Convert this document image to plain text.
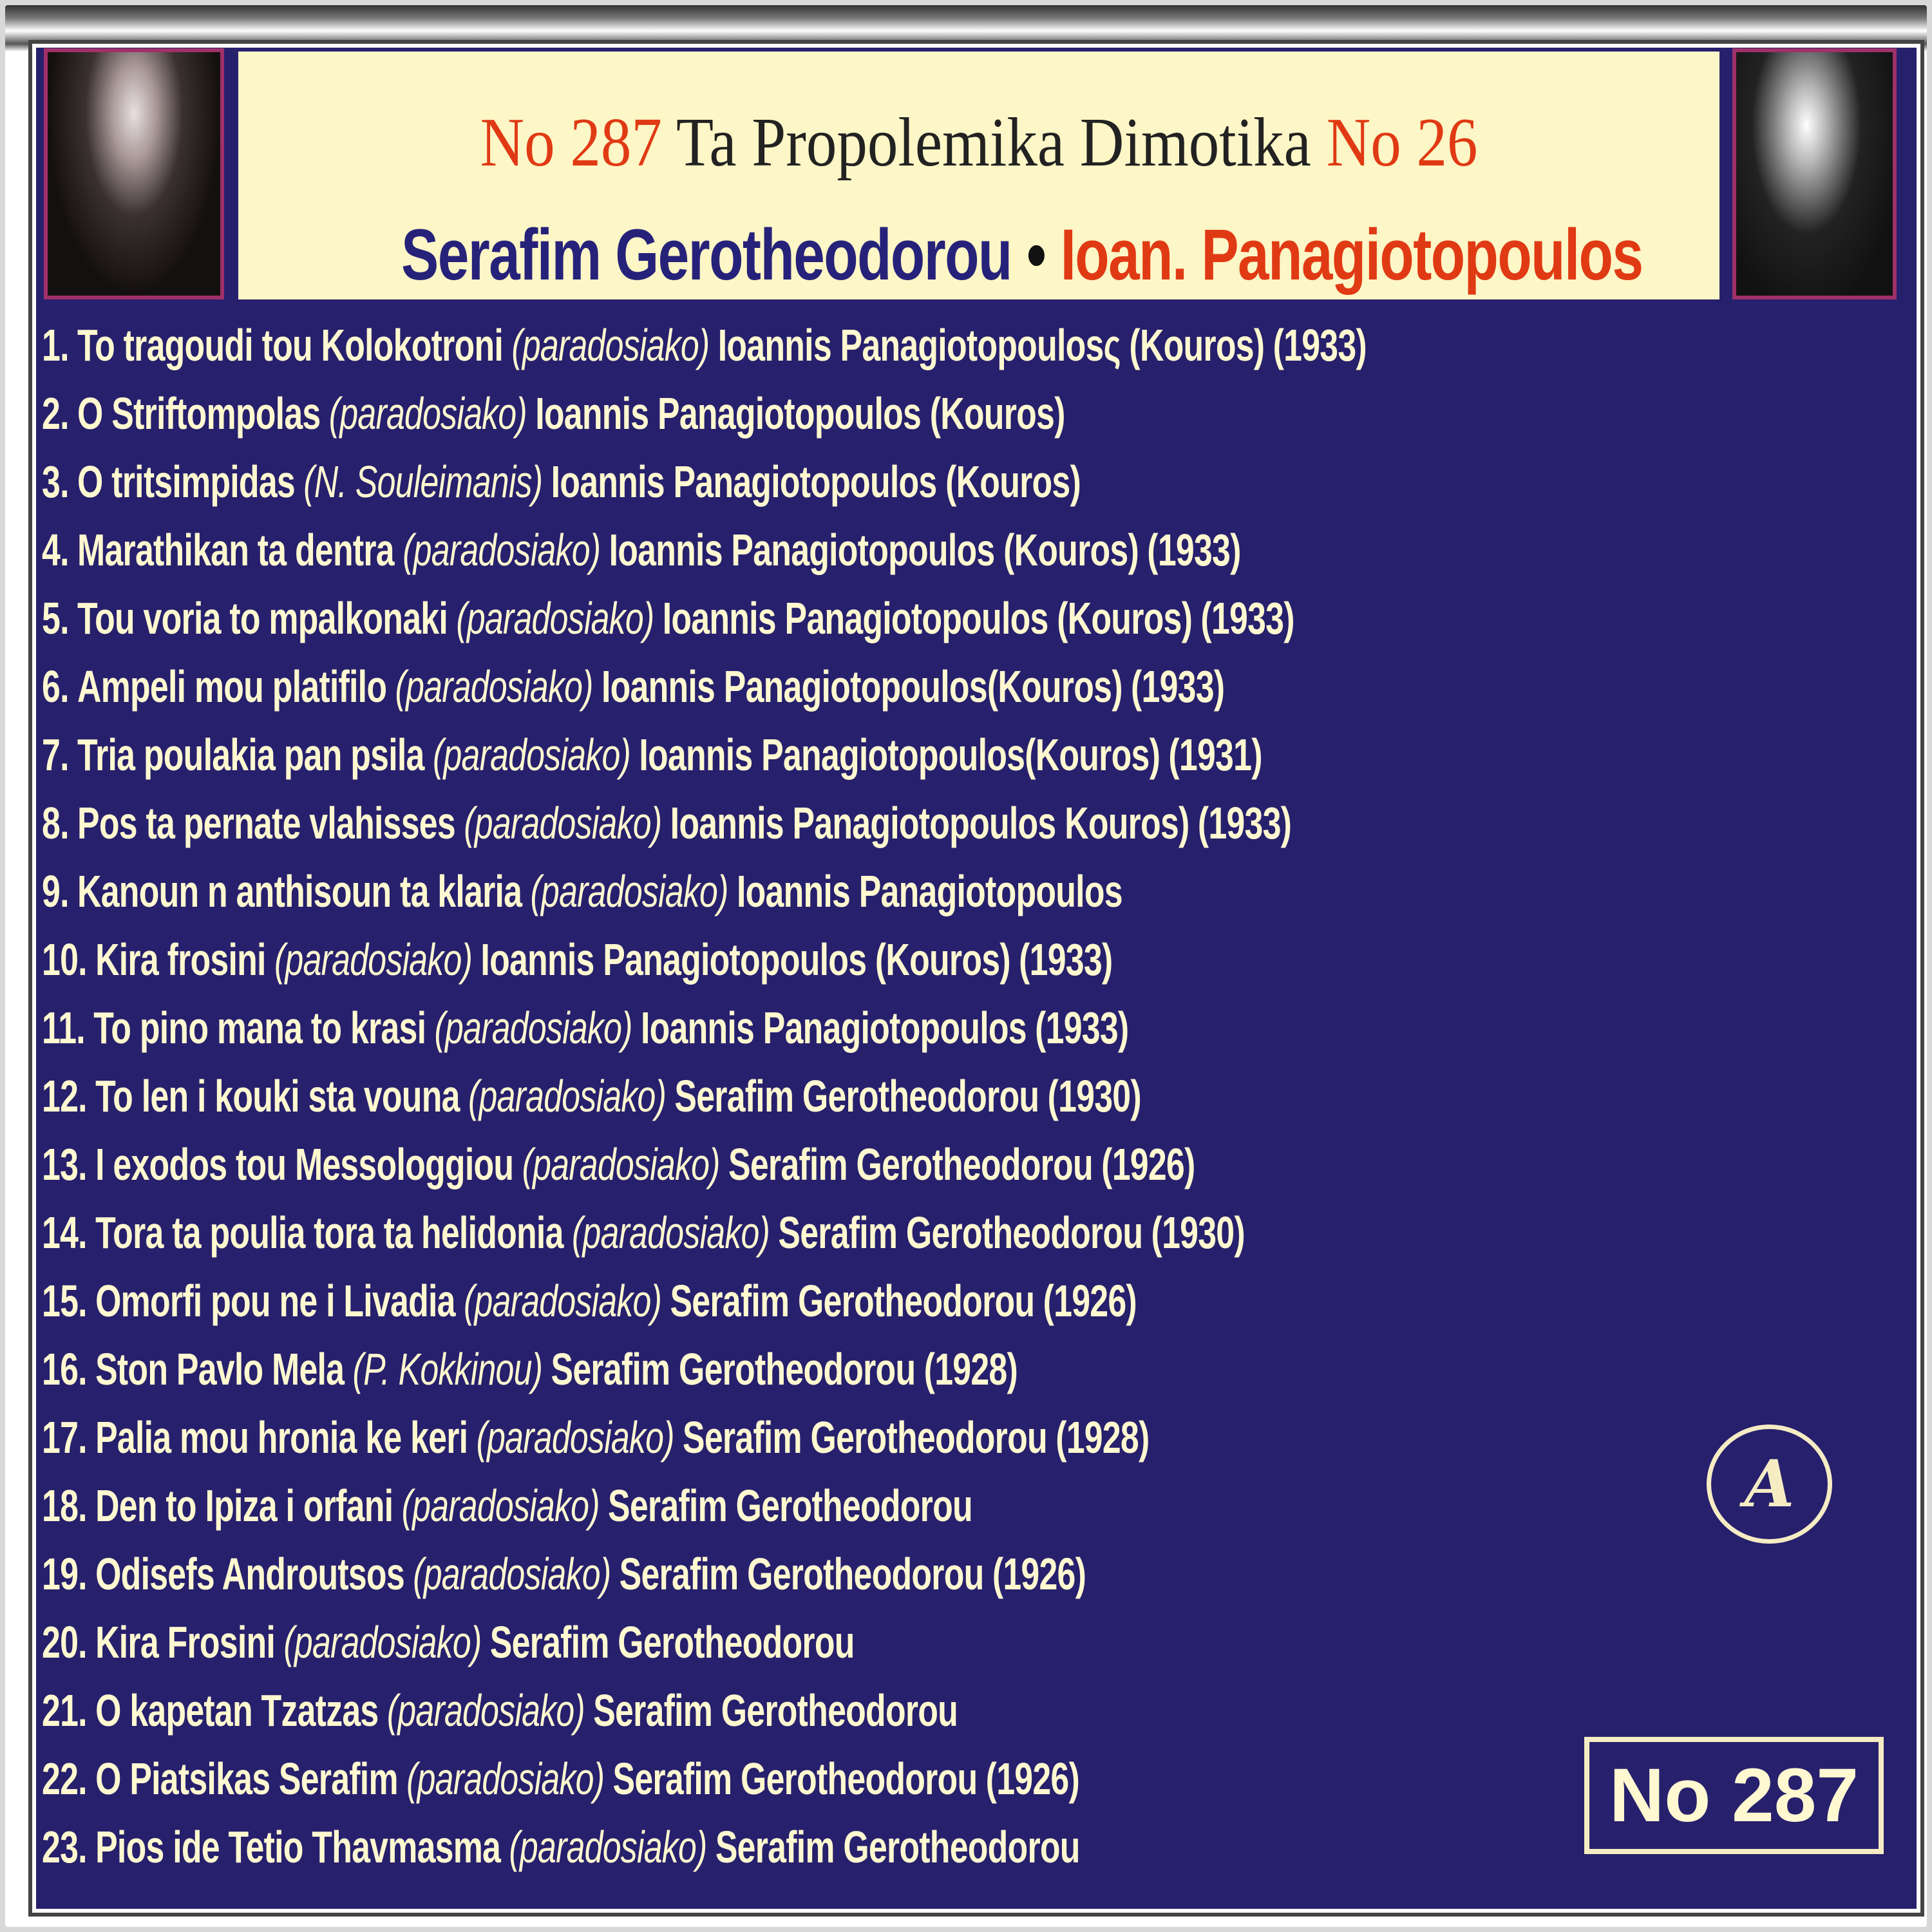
No 287 Ta Propolemika Dimotika No 26
Serafim Gerotheodorou • Ioan. Panagiotopoulos
1. To tragoudi tou Kolokotroni (paradosiako) Ioannis Panagiotopoulosς (Kouros) (1933)
2. O Striftompolas (paradosiako) Ioannis Panagiotopoulos (Kouros)
3. O tritsimpidas (N. Souleimanis) Ioannis Panagiotopoulos (Kouros)
4. Marathikan ta dentra (paradosiako) Ioannis Panagiotopoulos (Kouros) (1933)
5. Tou voria to mpalkonaki (paradosiako) Ioannis Panagiotopoulos (Kouros) (1933)
6. Ampeli mou platifilo (paradosiako) Ioannis Panagiotopoulos(Kouros) (1933)
7. Tria poulakia pan psila (paradosiako) Ioannis Panagiotopoulos(Kouros) (1931)
8. Pos ta pernate vlahisses (paradosiako) Ioannis Panagiotopoulos Kouros) (1933)
9. Kanoun n anthisoun ta klaria (paradosiako) Ioannis Panagiotopoulos
10. Kira frosini (paradosiako) Ioannis Panagiotopoulos (Kouros) (1933)
11. To pino mana to krasi (paradosiako) Ioannis Panagiotopoulos (1933)
12. To len i kouki sta vouna (paradosiako) Serafim Gerotheodorou (1930)
13. I exodos tou Messologgiou (paradosiako) Serafim Gerotheodorou (1926)
14. Tora ta poulia tora ta helidonia (paradosiako) Serafim Gerotheodorou (1930)
15. Omorfi pou ne i Livadia (paradosiako) Serafim Gerotheodorou (1926)
16. Ston Pavlo Mela (P. Kokkinou) Serafim Gerotheodorou (1928)
17. Palia mou hronia ke keri (paradosiako) Serafim Gerotheodorou (1928)
18. Den to Ipiza i orfani (paradosiako) Serafim Gerotheodorou
19. Odisefs Androutsos (paradosiako) Serafim Gerotheodorou (1926)
20. Kira Frosini (paradosiako) Serafim Gerotheodorou
21. O kapetan Tzatzas (paradosiako) Serafim Gerotheodorou
22. O Piatsikas Serafim (paradosiako) Serafim Gerotheodorou (1926)
23. Pios ide Tetio Thavmasma (paradosiako) Serafim Gerotheodorou
A
No 287
